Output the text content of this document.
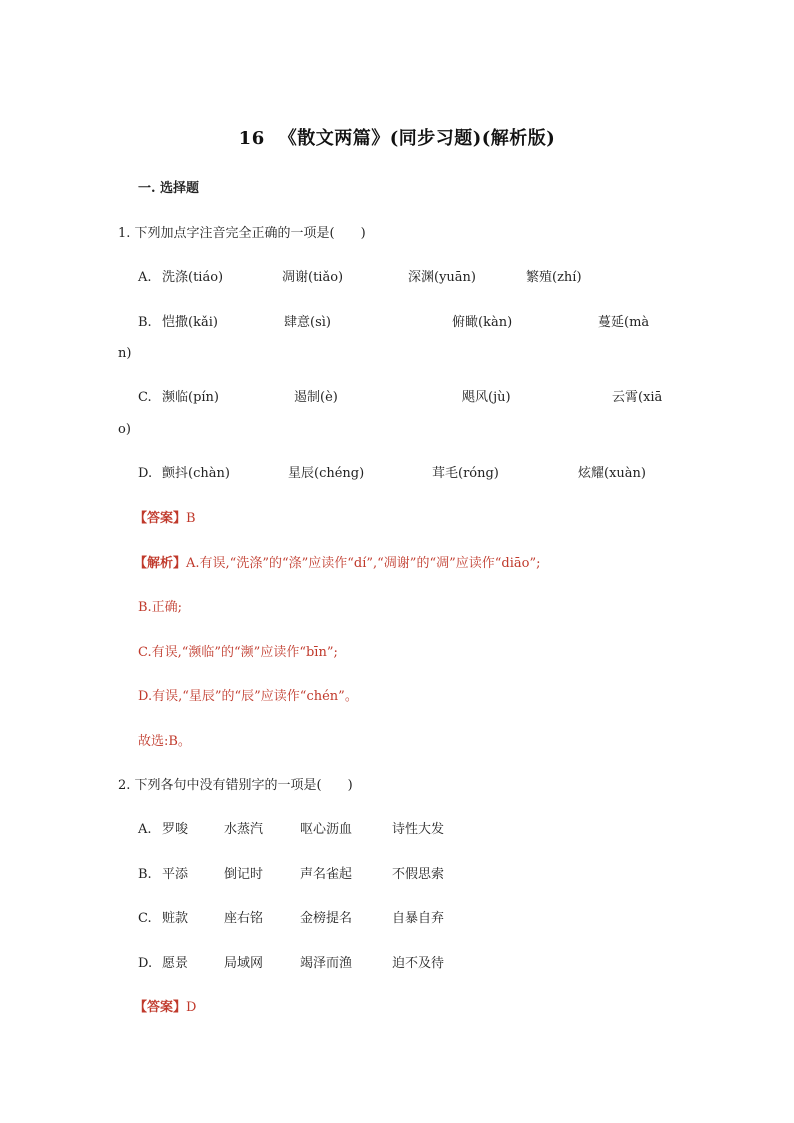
16 《散文两篇》(同步习题)(解析版)
一. 选择题
1. 下列加点字注音完全正确的一项是(　　)
A. 洗涤(tiáo)	凋谢(tiǎo)	深渊(yuān)	繁殖(zhí)
B. 恺撒(kǎi)	肆意(sì)	俯瞰(kàn)	蔓延(mà
n)
C. 濒临(pín)	遏制(è)	飓风(jù)	云霄(xiā
o)
D. 颤抖(chàn)	星辰(chéng)	茸毛(róng)	炫耀(xuàn)
【答案】B
【解析】A.有误,“洗涤”的“涤”应读作“dí”,“凋谢”的“凋”应读作“diāo”;
B.正确;
C.有误,“濒临”的“濒”应读作“bīn”;
D.有误,“星辰”的“辰”应读作“chén”。
故选:B。
2. 下列各句中没有错别字的一项是(　　)
A. 罗唆	水蒸汽	呕心沥血	诗性大发
B. 平添	倒记时	声名雀起	不假思索
C. 赃款	座右铭	金榜提名	自暴自弃
D. 愿景	局域网	竭泽而渔	迫不及待
【答案】D
